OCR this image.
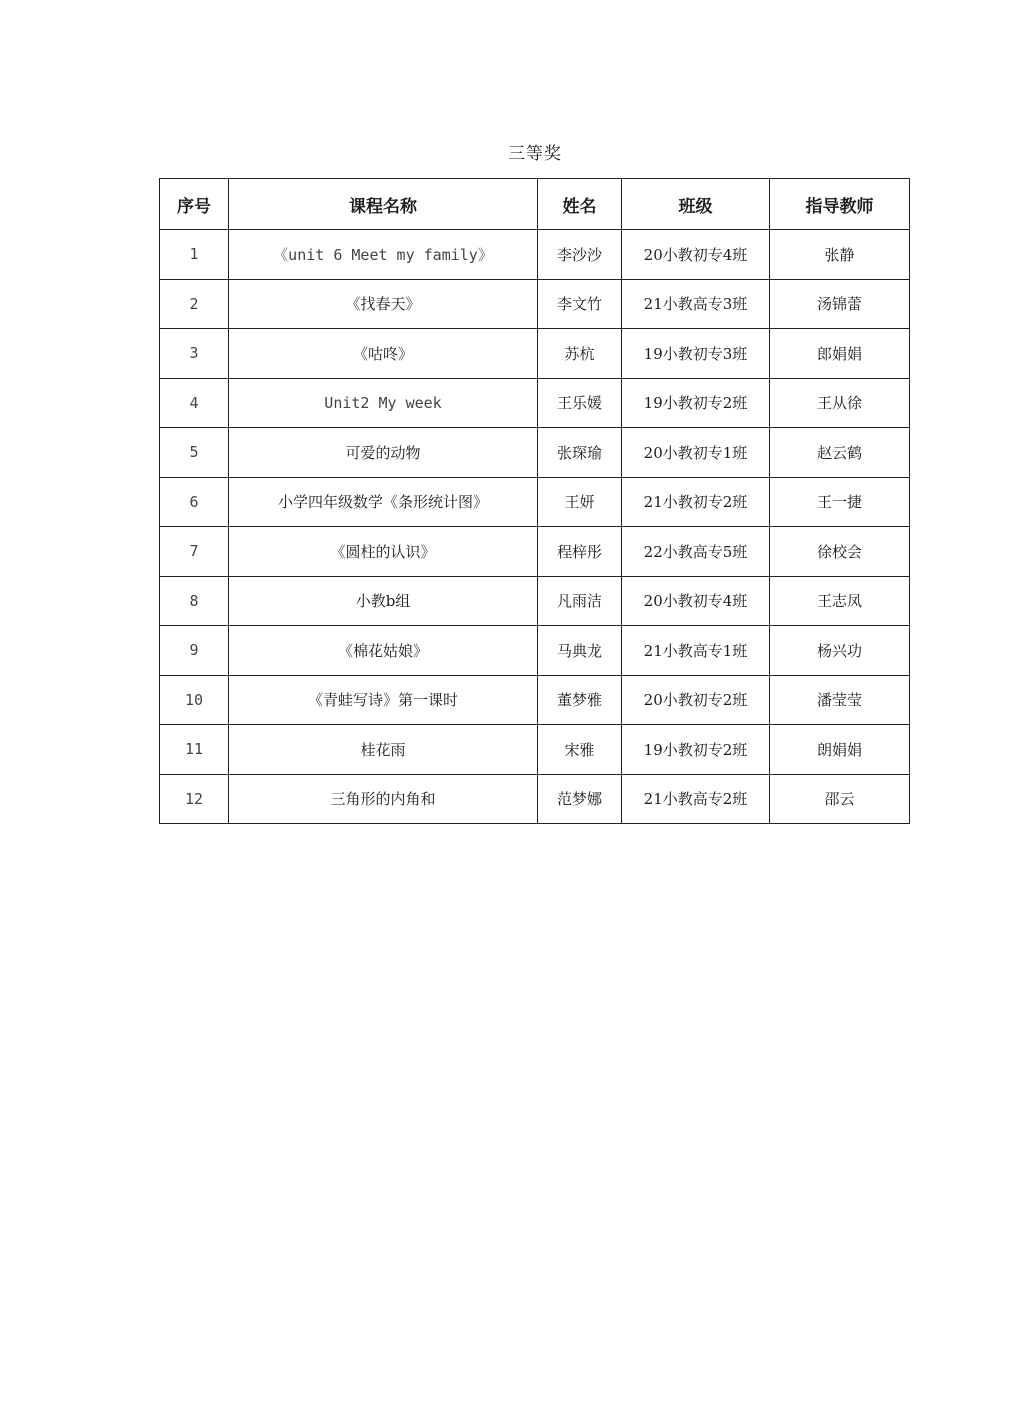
三等奖
序号	课程名称	姓名	班级	指导教师
1	《unit 6 Meet my family》	李沙沙	20小教初专4班	张静
2	《找春天》	李文竹	21小教高专3班	汤锦蕾
3	《咕咚》	苏杭	19小教初专3班	郎娟娟
4	Unit2 My week	王乐媛	19小教初专2班	王从徐
5	可爱的动物	张琛瑜	20小教初专1班	赵云鹤
6	小学四年级数学《条形统计图》	王妍	21小教初专2班	王一捷
7	《圆柱的认识》	程梓彤	22小教高专5班	徐校会
8	小教b组	凡雨洁	20小教初专4班	王志凤
9	《棉花姑娘》	马典龙	21小教高专1班	杨兴功
10	《青蛙写诗》第一课时	董梦雅	20小教初专2班	潘莹莹
11	桂花雨	宋雅	19小教初专2班	朗娟娟
12	三角形的内角和	范梦娜	21小教高专2班	邵云
